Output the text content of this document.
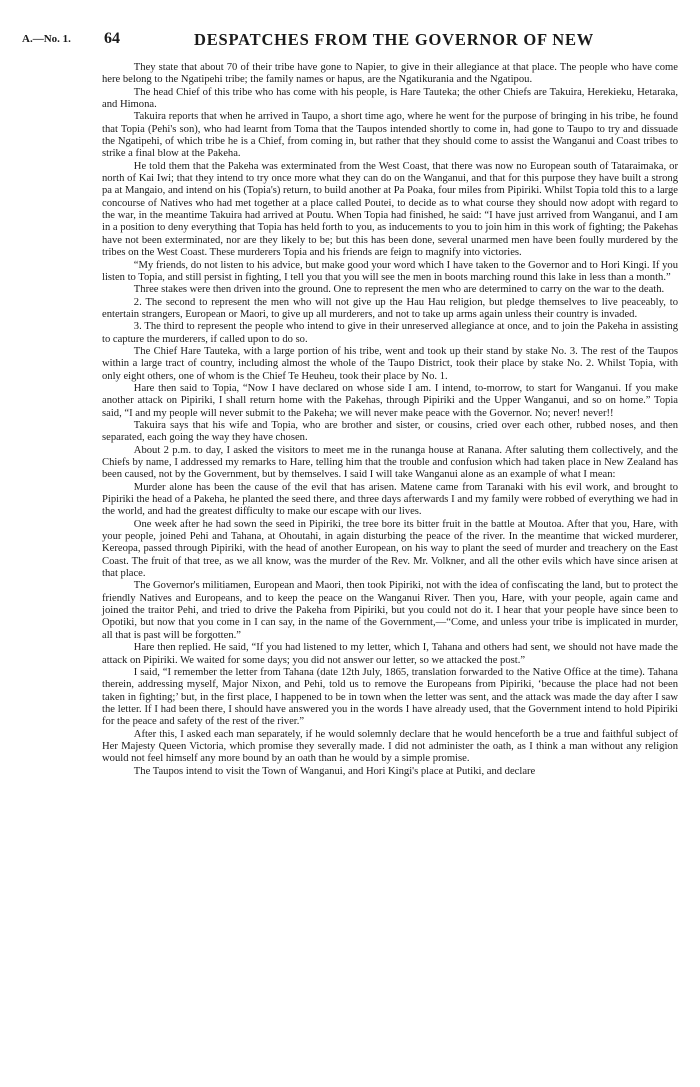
A.—No. 1. 64	DESPATCHES FROM THE GOVERNOR OF NEW

They state that about 70 of their tribe have gone to Napier, to give in their allegiance at that place. The people who have come here belong to the Ngatipehi tribe; the family names or hapus, are the Ngatikurania and the Ngatipou.

The head Chief of this tribe who has come with his people, is Hare Tauteka; the other Chiefs are Takuira, Herekieku, Hetaraka, and Himona.

Takuira reports that when he arrived in Taupo, a short time ago, where he went for the purpose of bringing in his tribe, he found that Topia (Pehi's son), who had learnt from Toma that the Taupos intended shortly to come in, had gone to Taupo to try and dissuade the Ngatipehi, of which tribe he is a Chief, from coming in, but rather that they should come to assist the Wanganui and Coast tribes to strike a final blow at the Pakeha.

He told them that the Pakeha was exterminated from the West Coast, that there was now no European south of Tataraimaka, or north of Kai Iwi; that they intend to try once more what they can do on the Wanganui, and that for this purpose they have built a strong pa at Mangaio, and intend on his (Topia's) return, to build another at Pa Poaka, four miles from Pipiriki. Whilst Topia told this to a large concourse of Natives who had met together at a place called Poutei, to decide as to what course they should now adopt with regard to the war, in the meantime Takuira had arrived at Poutu. When Topia had finished, he said: “I have just arrived from Wanganui, and I am in a position to deny everything that Topia has held forth to you, as inducements to you to join him in this work of fighting; the Pakehas have not been exterminated, nor are they likely to be; but this has been done, several unarmed men have been foully murdered by the tribes on the West Coast. These murderers Topia and his friends are feign to magnify into victories.

“My friends, do not listen to his advice, but make good your word which I have taken to the Governor and to Hori Kingi. If you listen to Topia, and still persist in fighting, I tell you that you will see the men in boots marching round this lake in less than a month.”

Three stakes were then driven into the ground. One to represent the men who are determined to carry on the war to the death.

2. The second to represent the men who will not give up the Hau Hau religion, but pledge themselves to live peaceably, to entertain strangers, European or Maori, to give up all murderers, and not to take up arms again unless their country is invaded.

3. The third to represent the people who intend to give in their unreserved allegiance at once, and to join the Pakeha in assisting to capture the murderers, if called upon to do so.

The Chief Hare Tauteka, with a large portion of his tribe, went and took up their stand by stake No. 3. The rest of the Taupos within a large tract of country, including almost the whole of the Taupo District, took their place by stake No. 2. Whilst Topia, with only eight others, one of whom is the Chief Te Heuheu, took their place by No. 1.

Hare then said to Topia, “Now I have declared on whose side I am. I intend, to-morrow, to start for Wanganui. If you make another attack on Pipiriki, I shall return home with the Pakehas, through Pipiriki and the Upper Wanganui, and so on home.” Topia said, “I and my people will never submit to the Pakeha; we will never make peace with the Governor. No; never! never!!

Takuira says that his wife and Topia, who are brother and sister, or cousins, cried over each other, rubbed noses, and then separated, each going the way they have chosen.

About 2 p.m. to day, I asked the visitors to meet me in the runanga house at Ranana. After saluting them collectively, and the Chiefs by name, I addressed my remarks to Hare, telling him that the trouble and confusion which had taken place in New Zealand has been caused, not by the Government, but by themselves. I said I will take Wanganui alone as an example of what I mean:

Murder alone has been the cause of the evil that has arisen. Matene came from Taranaki with his evil work, and brought to Pipiriki the head of a Pakeha, he planted the seed there, and three days afterwards I and my family were robbed of everything we had in the world, and had the greatest difficulty to make our escape with our lives.

One week after he had sown the seed in Pipiriki, the tree bore its bitter fruit in the battle at Moutoa. After that you, Hare, with your people, joined Pehi and Tahana, at Ohoutahi, in again disturbing the peace of the river. In the meantime that wicked murderer, Kereopa, passed through Pipiriki, with the head of another European, on his way to plant the seed of murder and treachery on the East Coast. The fruit of that tree, as we all know, was the murder of the Rev. Mr. Volkner, and all the other evils which have since arisen at that place.

The Governor's militiamen, European and Maori, then took Pipiriki, not with the idea of confiscating the land, but to protect the friendly Natives and Europeans, and to keep the peace on the Wanganui River. Then you, Hare, with your people, again came and joined the traitor Pehi, and tried to drive the Pakeha from Pipiriki, but you could not do it. I hear that your people have since been to Opotiki, but now that you come in I can say, in the name of the Government,—“Come, and unless your tribe is implicated in murder, all that is past will be forgotten.”

Hare then replied. He said, “If you had listened to my letter, which I, Tahana and others had sent, we should not have made the attack on Pipiriki. We waited for some days; you did not answer our letter, so we attacked the post.”

I said, “I remember the letter from Tahana (date 12th July, 1865, translation forwarded to the Native Office at the time). Tahana therein, addressing myself, Major Nixon, and Pehi, told us to remove the Europeans from Pipiriki, ‘because the place had not been taken in fighting;’ but, in the first place, I happened to be in town when the letter was sent, and the attack was made the day after I saw the letter. If I had been there, I should have answered you in the words I have already used, that the Government intend to hold Pipiriki for the peace and safety of the rest of the river.”

After this, I asked each man separately, if he would solemnly declare that he would henceforth be a true and faithful subject of Her Majesty Queen Victoria, which promise they severally made. I did not administer the oath, as I think a man without any religion would not feel himself any more bound by an oath than he would by a simple promise.

The Taupos intend to visit the Town of Wanganui, and Hori Kingi's place at Putiki, and declare
